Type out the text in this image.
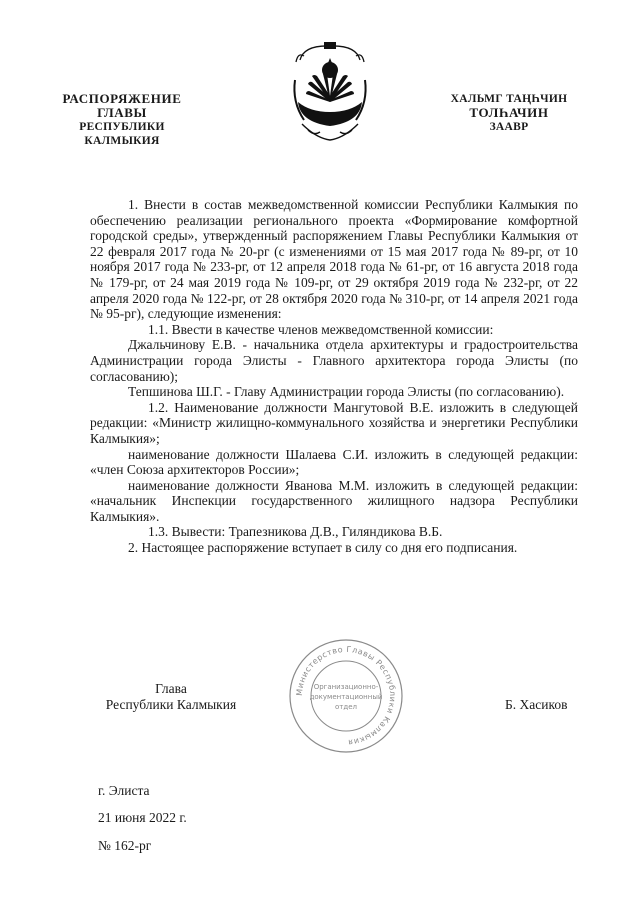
РАСПОРЯЖЕНИЕ
ГЛАВЫ
РЕСПУБЛИКИ КАЛМЫКИЯ
ХАЛЬМГ ТАҢҺЧИН
ТОЛҺАЧИН
ЗААВР

1. Внести в состав межведомственной комиссии Республики Калмыкия по обеспечению реализации регионального проекта «Формирование комфортной городской среды», утвержденный распоряжением Главы Республики Калмыкия от 22 февраля 2017 года № 20-рг (с изменениями от 15 мая 2017 года № 89-рг, от 10 ноября 2017 года № 233-рг, от 12 апреля 2018 года № 61-рг, от 16 августа 2018 года № 179-рг, от 24 мая 2019 года № 109-рг, от 29 октября 2019 года № 232-рг, от 22 апреля 2020 года № 122-рг, от 28 октября 2020 года № 310-рг, от 14 апреля 2021 года № 95-рг), следующие изменения:

1.1. Ввести в качестве членов межведомственной комиссии:

Джальчинову Е.В. - начальника отдела архитектуры и градостроительства Администрации города Элисты - Главного архитектора города Элисты (по согласованию);

Тепшинова Ш.Г. - Главу Администрации города Элисты (по согласованию).

1.2. Наименование должности Мангутовой В.Е. изложить в следующей редакции: «Министр жилищно-коммунального хозяйства и энергетики Республики Калмыкия»;

наименование должности Шалаева С.И. изложить в следующей редакции: «член Союза архитекторов России»;

наименование должности Яванова М.М. изложить в следующей редакции: «начальник Инспекции государственного жилищного надзора Республики Калмыкия».

1.3. Вывести: Трапезникова Д.В., Гиляндикова В.Б.

2. Настоящее распоряжение вступает в силу со дня его подписания.

Министерство Главы Республики Калмыкия
Организационно-
документационный
отдел
Глава
Республики Калмыкия	Б. Хасиков
г. Элиста
21 июня 2022 г.
№ 162-рг
